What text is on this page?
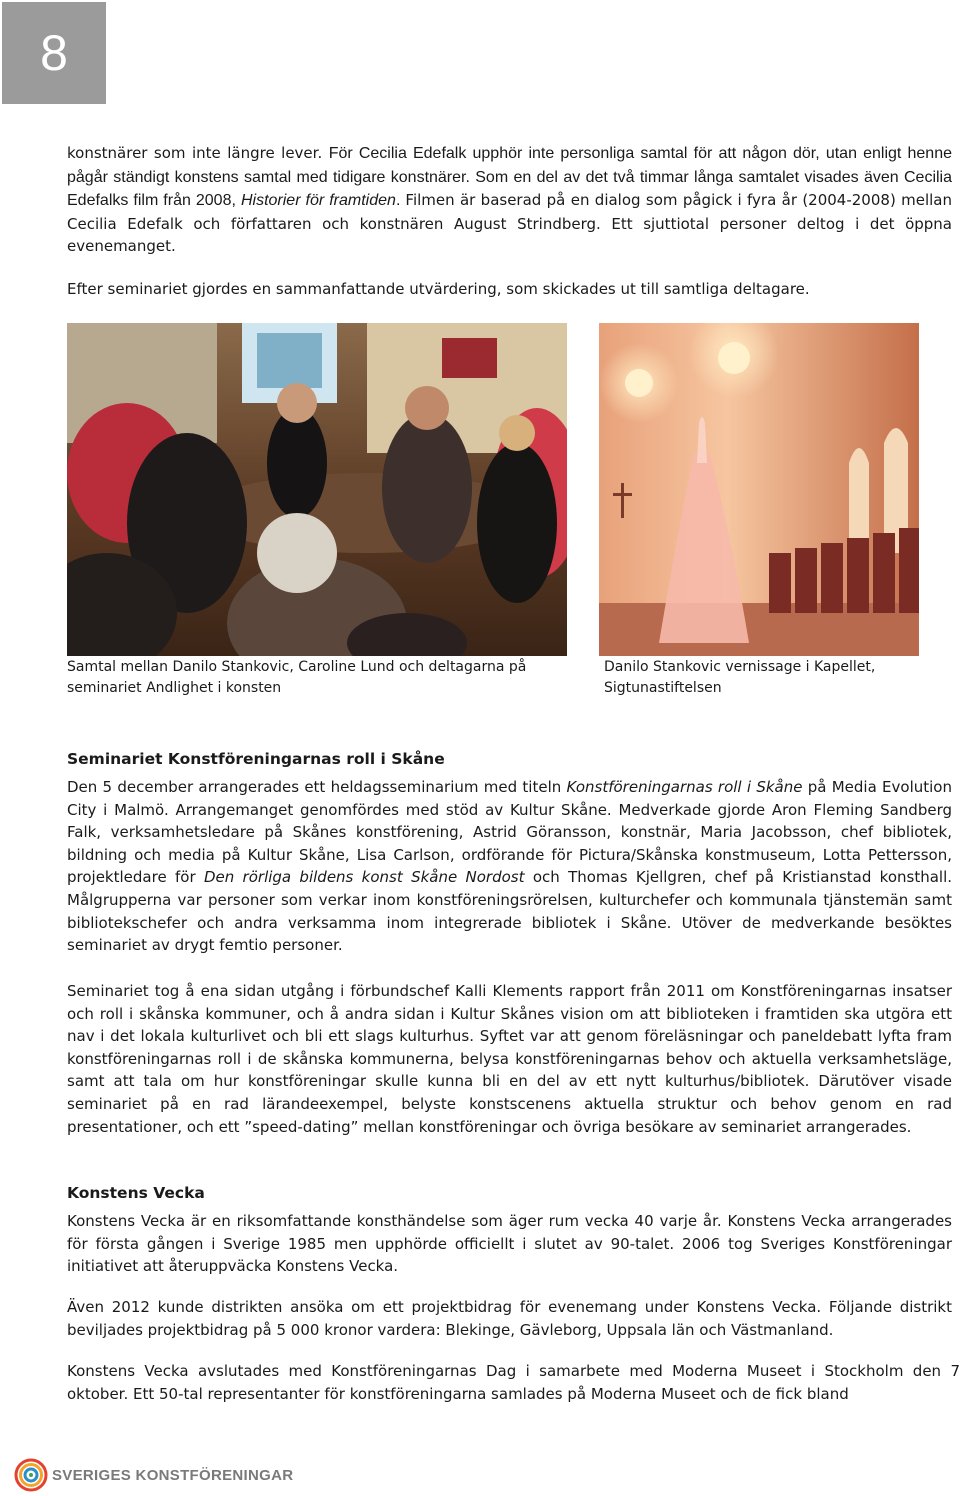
8
konstnärer som inte längre lever. För Cecilia Edefalk upphör inte personliga samtal för att någon dör, utan enligt henne pågår ständigt konstens samtal med tidigare konstnärer. Som en del av det två timmar långa samtalet visades även Cecilia Edefalks film från 2008, Historier för framtiden. Filmen är baserad på en dialog som pågick i fyra år (2004-2008) mellan Cecilia Edefalk och författaren och konstnären August Strindberg. Ett sjuttiotal personer deltog i det öppna evenemanget.
Efter seminariet gjordes en sammanfattande utvärdering, som skickades ut till samtliga deltagare.
Samtal mellan Danilo Stankovic, Caroline Lund och deltagarna på seminariet Andlighet i konsten
Danilo Stankovic vernissage i Kapellet, Sigtunastiftelsen
Seminariet Konstföreningarnas roll i Skåne
Den 5 december arrangerades ett heldagsseminarium med titeln Konstföreningarnas roll i Skåne på Media Evolution City i Malmö. Arrangemanget genomfördes med stöd av Kultur Skåne. Medverkade gjorde Aron Fleming Sandberg Falk, verksamhetsledare på Skånes konstförening, Astrid Göransson, konstnär, Maria Jacobsson, chef bibliotek, bildning och media på Kultur Skåne, Lisa Carlson, ordförande för Pictura/Skånska konstmuseum, Lotta Pettersson, projektledare för Den rörliga bildens konst Skåne Nordost och Thomas Kjellgren, chef på Kristianstad konsthall. Målgrupperna var personer som verkar inom konstföreningsrörelsen, kulturchefer och kommunala tjänstemän samt bibliotekschefer och andra verksamma inom integrerade bibliotek i Skåne. Utöver de medverkande besöktes seminariet av drygt femtio personer.
Seminariet tog å ena sidan utgång i förbundschef Kalli Klements rapport från 2011 om Konstföreningarnas insatser och roll i skånska kommuner, och å andra sidan i Kultur Skånes vision om att biblioteken i framtiden ska utgöra ett nav i det lokala kulturlivet och bli ett slags kulturhus. Syftet var att genom föreläsningar och paneldebatt lyfta fram konstföreningarnas roll i de skånska kommunerna, belysa konstföreningarnas behov och aktuella verksamhetsläge, samt att tala om hur konstföreningar skulle kunna bli en del av ett nytt kulturhus/bibliotek. Därutöver visade seminariet på en rad lärandeexempel, belyste konstscenens aktuella struktur och behov genom en rad presentationer, och ett ”speed-dating” mellan konstföreningar och övriga besökare av seminariet arrangerades.
Konstens Vecka
Konstens Vecka är en riksomfattande konsthändelse som äger rum vecka 40 varje år. Konstens Vecka arrangerades för första gången i Sverige 1985 men upphörde officiellt i slutet av 90-talet. 2006 tog Sveriges Konstföreningar initiativet att återuppväcka Konstens Vecka.
Även 2012 kunde distrikten ansöka om ett projektbidrag för evenemang under Konstens Vecka. Följande distrikt beviljades projektbidrag på 5 000 kronor vardera: Blekinge, Gävleborg, Uppsala län och Västmanland.
Konstens Vecka avslutades med Konstföreningarnas Dag i samarbete med Moderna Museet i Stockholm den 7 oktober. Ett 50-tal representanter för konstföreningarna samlades på Moderna Museet och de fick bland
SVERIGES KONSTFÖRENINGAR
